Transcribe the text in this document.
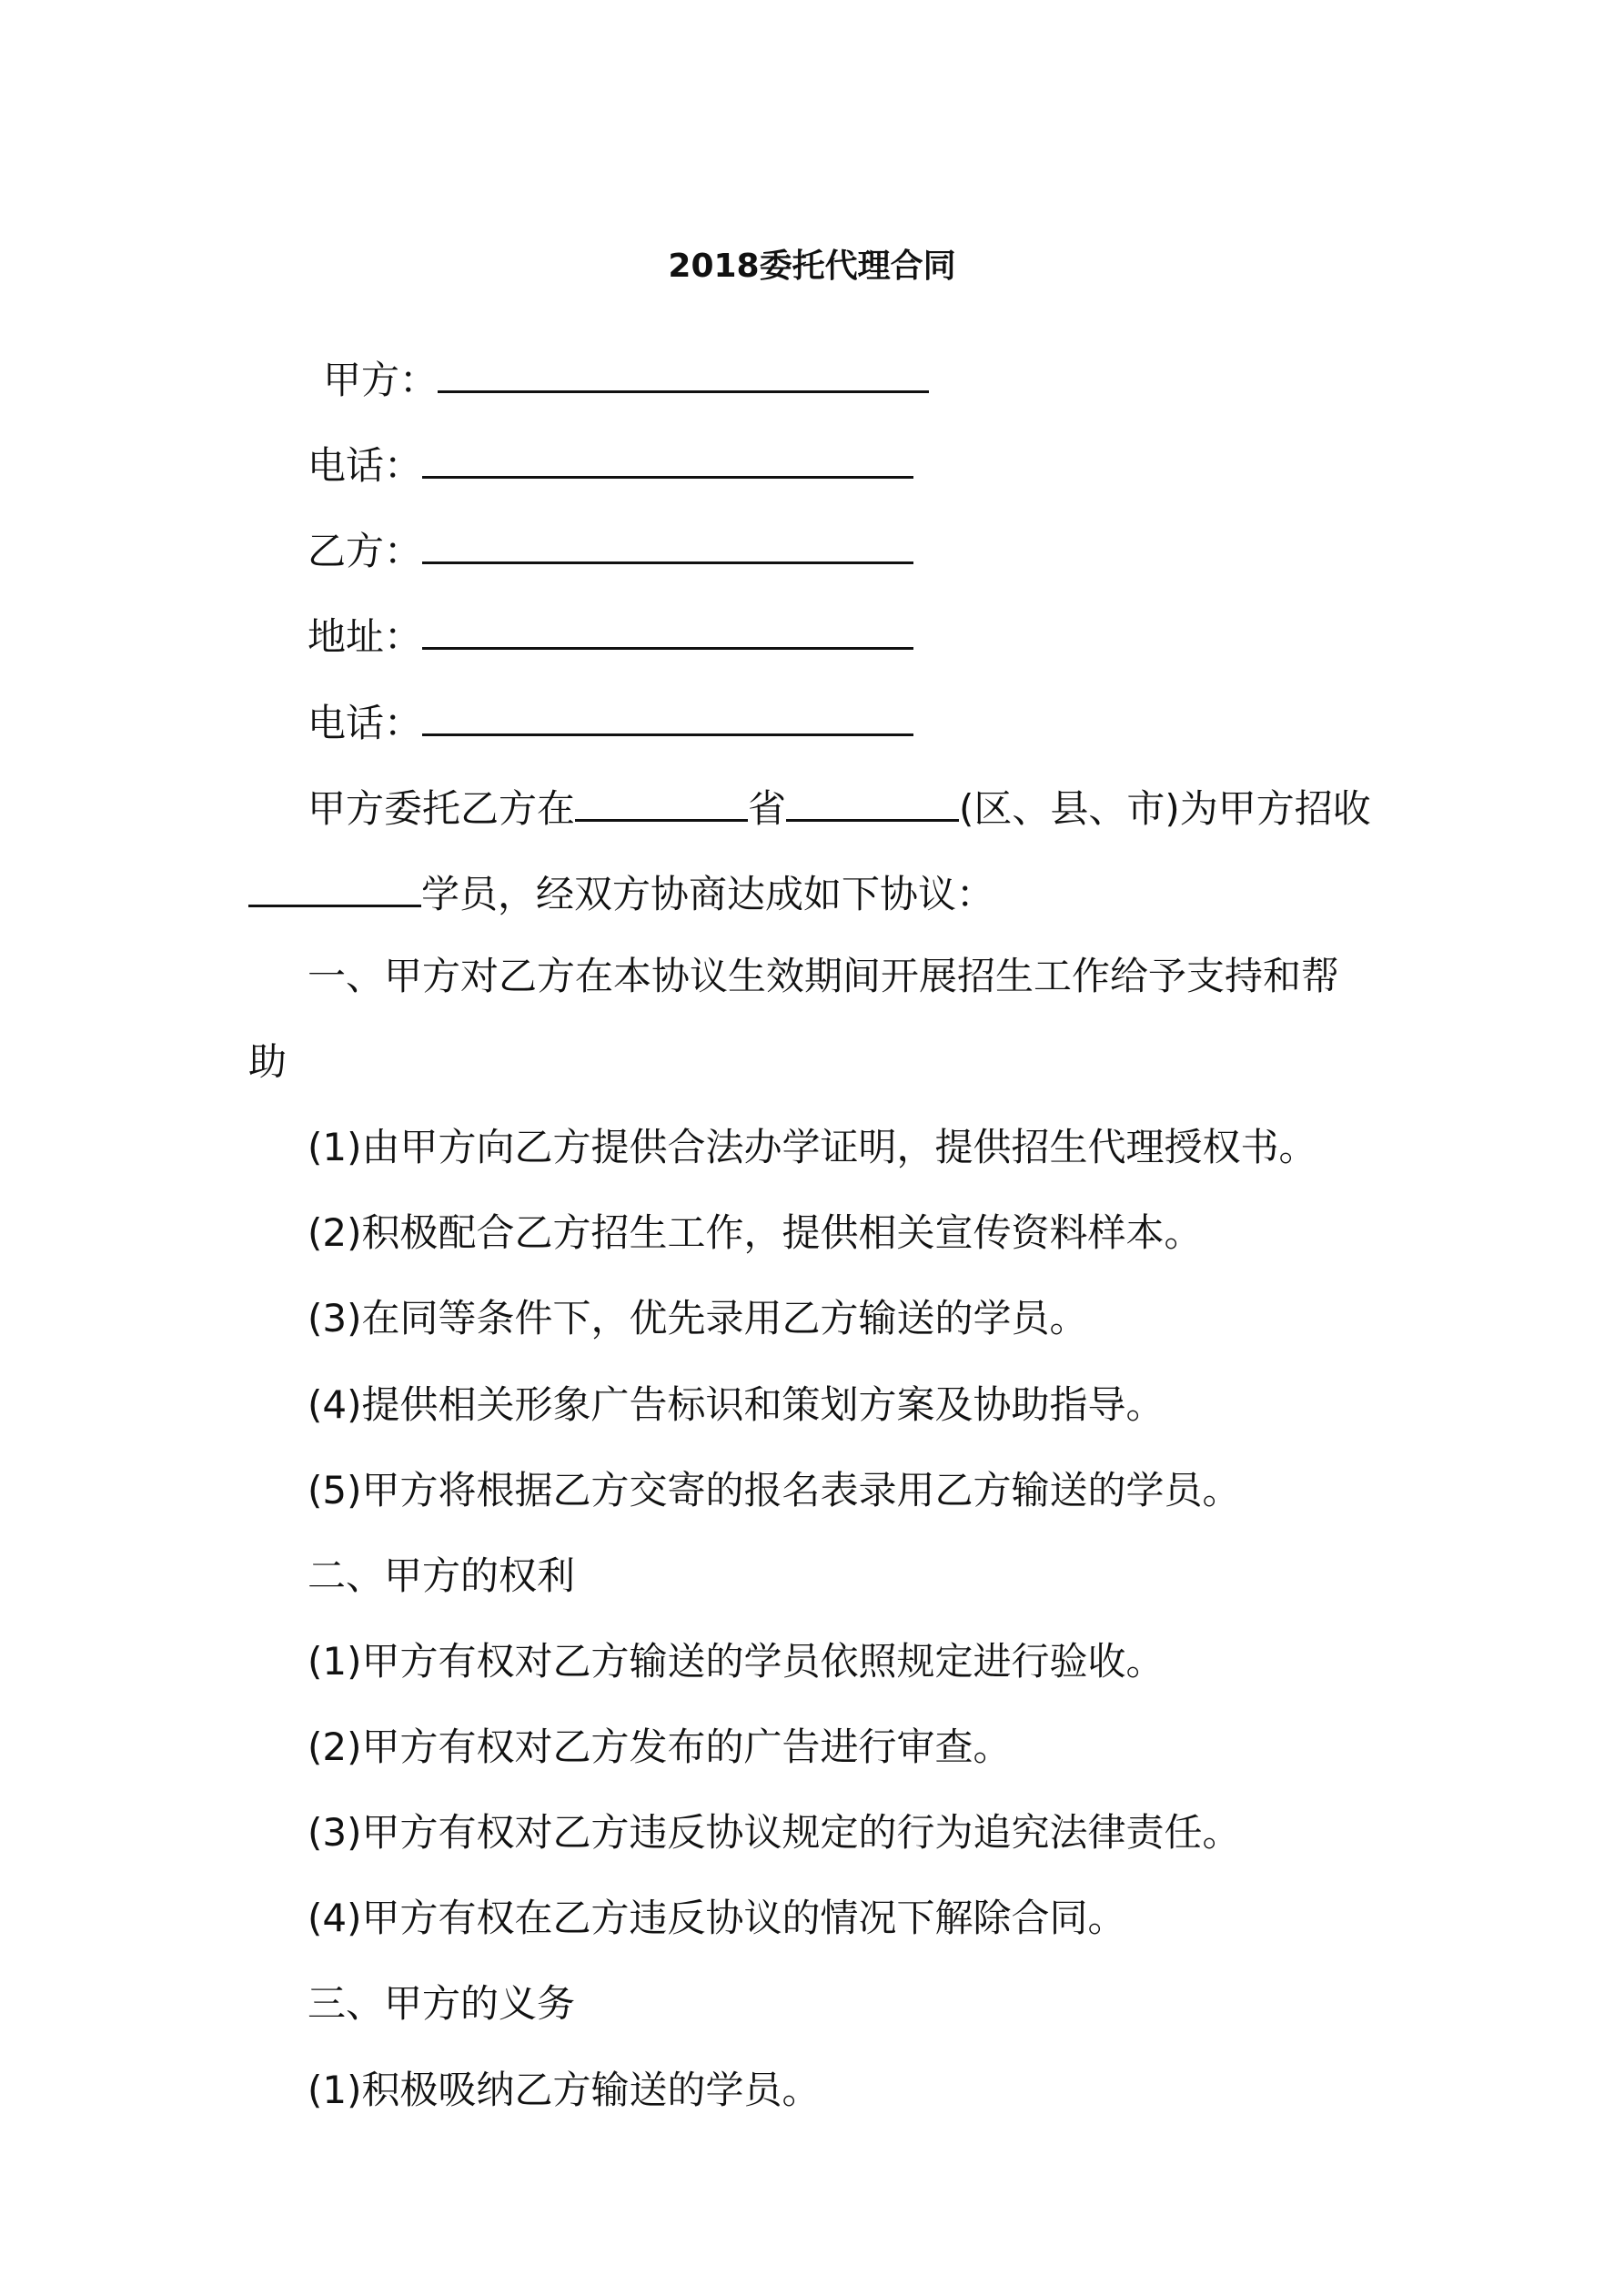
2018委托代理合同
甲方：
电话：
乙方：
地址：
电话：
甲方委托乙方在	省	(区、县、市)为甲方招收
学员，经双方协商达成如下协议：
一、甲方对乙方在本协议生效期间开展招生工作给予支持和帮
助
(1)由甲方向乙方提供合法办学证明，提供招生代理授权书。
(2)积极配合乙方招生工作，提供相关宣传资料样本。
(3)在同等条件下，优先录用乙方输送的学员。
(4)提供相关形象广告标识和策划方案及协助指导。
(5)甲方将根据乙方交寄的报名表录用乙方输送的学员。
二、甲方的权利
(1)甲方有权对乙方输送的学员依照规定进行验收。
(2)甲方有权对乙方发布的广告进行审查。
(3)甲方有权对乙方违反协议规定的行为追究法律责任。
(4)甲方有权在乙方违反协议的情况下解除合同。
三、甲方的义务
(1)积极吸纳乙方输送的学员。
